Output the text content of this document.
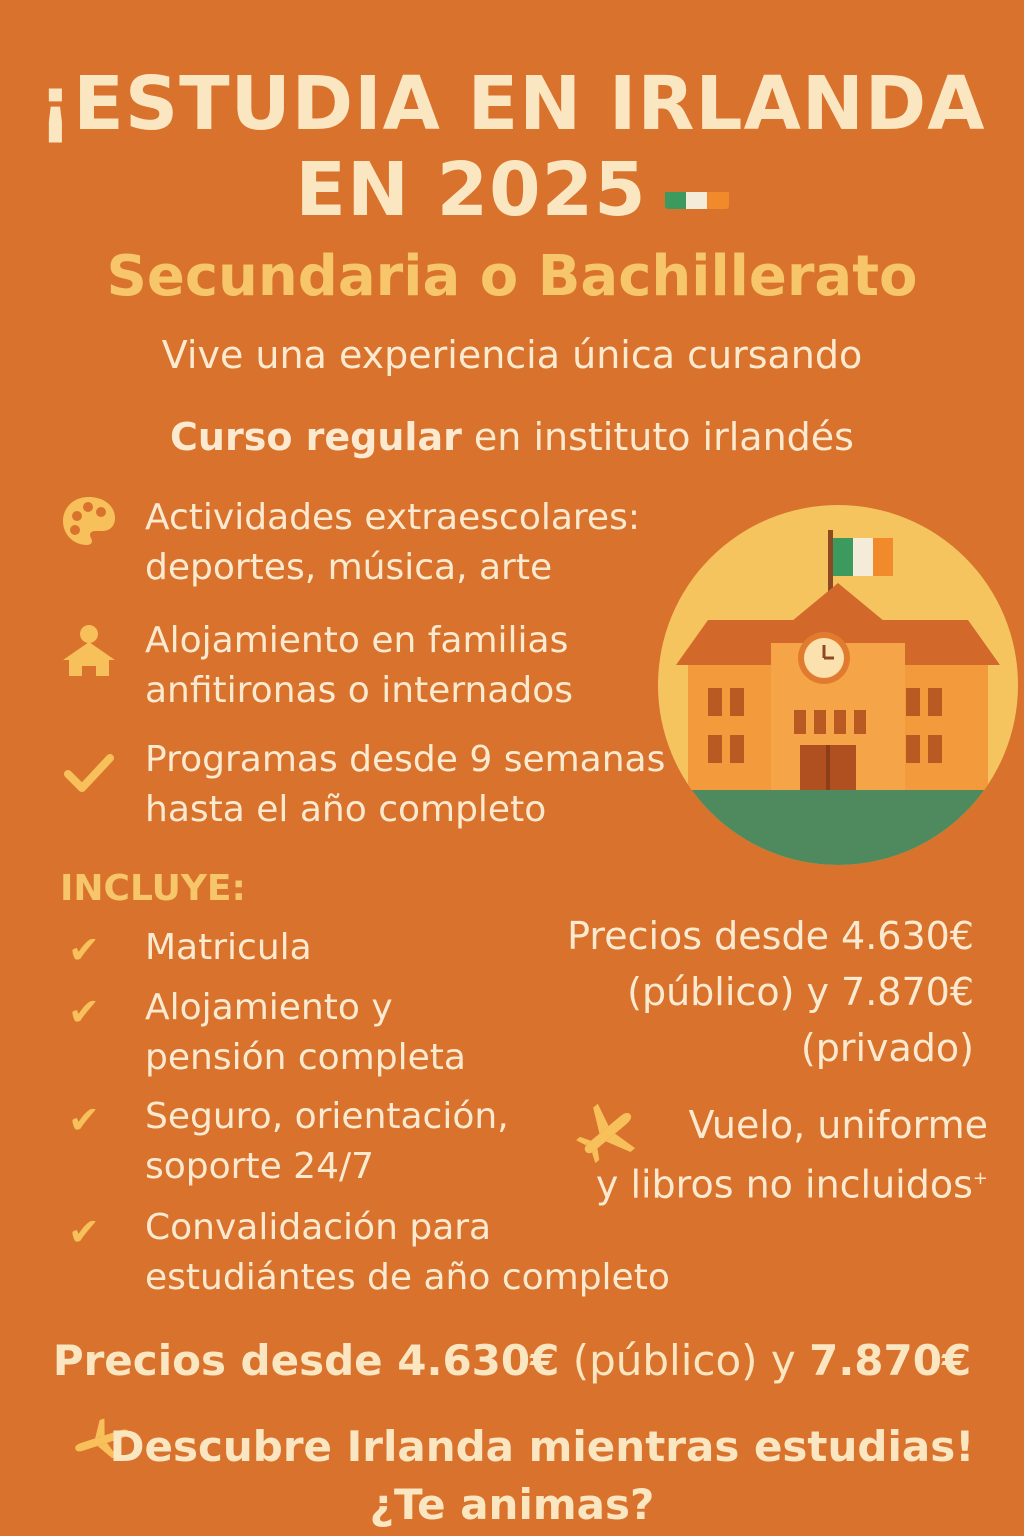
¡ESTUDIA EN IRLANDA
EN 2025
Secundaria o Bachillerato
Vive una experiencia única cursando
Curso regular en instituto irlandés
Actividades extraescolares:
deportes, música, arte
Alojamiento en familias
anfitironas o internados
Programas desde 9 semanas
hasta el año completo
INCLUYE:
✔ Matricula
✔ Alojamiento y
pensión completa
✔ Seguro, orientación,
soporte 24/7
✔ Convalidación para
estudiántes de año completo
Precios desde 4.630€
(público) y 7.870€
(privado)
Vuelo, uniforme
y libros no incluidos+
Precios desde 4.630€ (público) y 7.870€
Descubre Irlanda mientras estudias!
¿Te animas?
